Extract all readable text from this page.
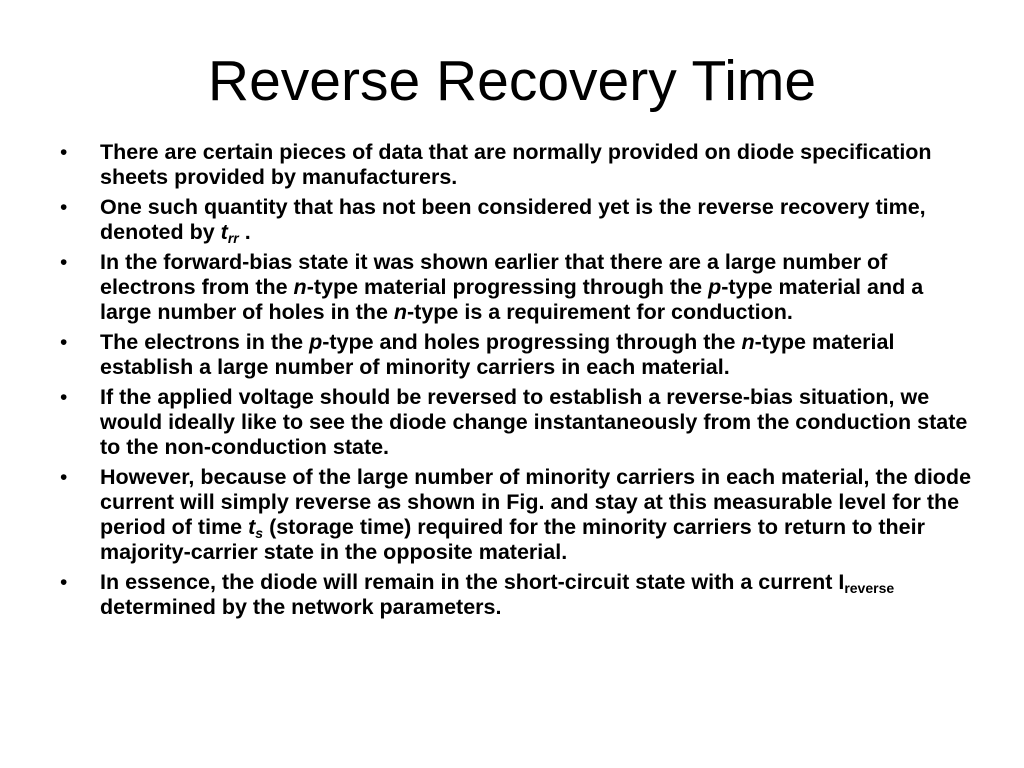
Reverse Recovery Time
• There are certain pieces of data that are normally provided on diode specification sheets provided by manufacturers.
• One such quantity that has not been considered yet is the reverse recovery time, denoted by $t_{rr}$ .
• In the forward-bias state it was shown earlier that there are a large number of electrons from the n-type material progressing through the p-type material and a large number of holes in the n-type is a requirement for conduction.
• The electrons in the p-type and holes progressing through the n-type material establish a large number of minority carriers in each material.
• If the applied voltage should be reversed to establish a reverse-bias situation, we would ideally like to see the diode change instantaneously from the conduction state to the non-conduction state.
• However, because of the large number of minority carriers in each material, the diode current will simply reverse as shown in Fig. and stay at this measurable level for the period of time $t_s$ (storage time) required for the minority carriers to return to their majority-carrier state in the opposite material.
• In essence, the diode will remain in the short-circuit state with a current $I_{reverse}$ determined by the network parameters.
